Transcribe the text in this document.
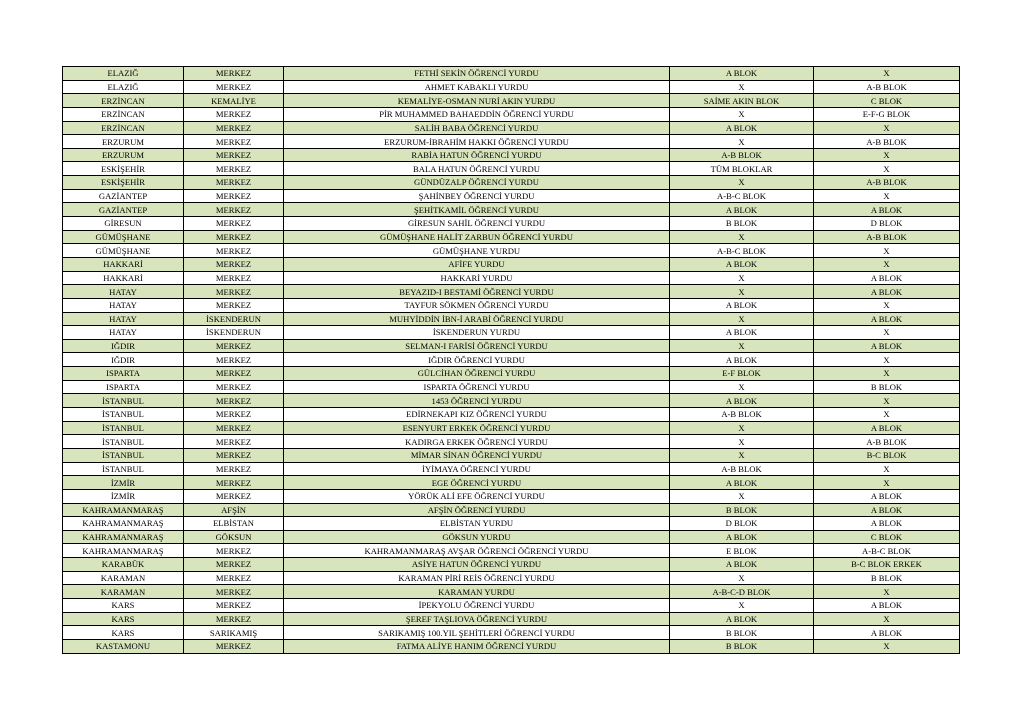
ELAZIĞ	MERKEZ	FETHİ SEKİN ÖĞRENCİ YURDU	A BLOK	X
ELAZIĞ	MERKEZ	AHMET KABAKLI YURDU	X	A-B BLOK
ERZİNCAN	KEMALİYE	KEMALİYE-OSMAN NURİ AKIN YURDU	SAİME AKIN BLOK	C BLOK
ERZİNCAN	MERKEZ	PİR MUHAMMED BAHAEDDİN ÖĞRENCİ YURDU	X	E-F-G BLOK
ERZİNCAN	MERKEZ	SALİH BABA ÖĞRENCİ YURDU	A BLOK	X
ERZURUM	MERKEZ	ERZURUM-İBRAHİM HAKKI ÖĞRENCİ YURDU	X	A-B BLOK
ERZURUM	MERKEZ	RABİA HATUN ÖĞRENCİ YURDU	A-B BLOK	X
ESKİŞEHİR	MERKEZ	BALA HATUN ÖĞRENCİ YURDU	TÜM BLOKLAR	X
ESKİŞEHİR	MERKEZ	GÜNDÜZALP ÖĞRENCİ YURDU	X	A-B BLOK
GAZİANTEP	MERKEZ	ŞAHİNBEY ÖĞRENCİ YURDU	A-B-C BLOK	X
GAZİANTEP	MERKEZ	ŞEHİTKAMİL ÖĞRENCİ YURDU	A BLOK	A BLOK
GİRESUN	MERKEZ	GİRESUN SAHİL ÖĞRENCİ YURDU	B BLOK	D BLOK
GÜMÜŞHANE	MERKEZ	GÜMÜŞHANE HALİT ZARBUN ÖĞRENCİ YURDU	X	A-B BLOK
GÜMÜŞHANE	MERKEZ	GÜMÜŞHANE YURDU	A-B-C BLOK	X
HAKKARİ	MERKEZ	AFİFE YURDU	A BLOK	X
HAKKARİ	MERKEZ	HAKKARİ YURDU	X	A BLOK
HATAY	MERKEZ	BEYAZID-I BESTAMİ ÖĞRENCİ YURDU	X	A BLOK
HATAY	MERKEZ	TAYFUR SÖKMEN ÖĞRENCİ YURDU	A BLOK	X
HATAY	İSKENDERUN	MUHYİDDİN İBN-İ ARABİ ÖĞRENCİ YURDU	X	A BLOK
HATAY	İSKENDERUN	İSKENDERUN YURDU	A BLOK	X
IĞDIR	MERKEZ	SELMAN-I FARİSİ ÖĞRENCİ YURDU	X	A BLOK
IĞDIR	MERKEZ	IĞDIR ÖĞRENCİ YURDU	A BLOK	X
ISPARTA	MERKEZ	GÜLCİHAN ÖĞRENCİ YURDU	E-F BLOK	X
ISPARTA	MERKEZ	ISPARTA ÖĞRENCİ YURDU	X	B BLOK
İSTANBUL	MERKEZ	1453 ÖĞRENCİ YURDU	A BLOK	X
İSTANBUL	MERKEZ	EDİRNEKAPI KIZ ÖĞRENCİ YURDU	A-B BLOK	X
İSTANBUL	MERKEZ	ESENYURT ERKEK ÖĞRENCİ YURDU	X	A BLOK
İSTANBUL	MERKEZ	KADIRGA ERKEK ÖĞRENCİ YURDU	X	A-B BLOK
İSTANBUL	MERKEZ	MİMAR SİNAN ÖĞRENCİ YURDU	X	B-C BLOK
İSTANBUL	MERKEZ	İYİMAYA ÖĞRENCİ YURDU	A-B BLOK	X
İZMİR	MERKEZ	EGE ÖĞRENCİ YURDU	A BLOK	X
İZMİR	MERKEZ	YÖRÜK ALİ EFE ÖĞRENCİ YURDU	X	A BLOK
KAHRAMANMARAŞ	AFŞİN	AFŞİN ÖĞRENCİ YURDU	B BLOK	A BLOK
KAHRAMANMARAŞ	ELBİSTAN	ELBİSTAN YURDU	D BLOK	A BLOK
KAHRAMANMARAŞ	GÖKSUN	GÖKSUN YURDU	A BLOK	C BLOK
KAHRAMANMARAŞ	MERKEZ	KAHRAMANMARAŞ AVŞAR ÖĞRENCİ ÖĞRENCİ YURDU	E BLOK	A-B-C BLOK
KARABÜK	MERKEZ	ASİYE HATUN ÖĞRENCİ YURDU	A BLOK	B-C BLOK ERKEK
KARAMAN	MERKEZ	KARAMAN PİRİ REİS ÖĞRENCİ YURDU	X	B BLOK
KARAMAN	MERKEZ	KARAMAN YURDU	A-B-C-D BLOK	X
KARS	MERKEZ	İPEKYOLU ÖĞRENCİ YURDU	X	A BLOK
KARS	MERKEZ	ŞEREF TAŞLIOVA ÖĞRENCİ YURDU	A BLOK	X
KARS	SARIKAMIŞ	SARIKAMIŞ 100.YIL ŞEHİTLERİ ÖĞRENCİ YURDU	B BLOK	A BLOK
KASTAMONU	MERKEZ	FATMA ALİYE HANIM ÖĞRENCİ YURDU	B BLOK	X
